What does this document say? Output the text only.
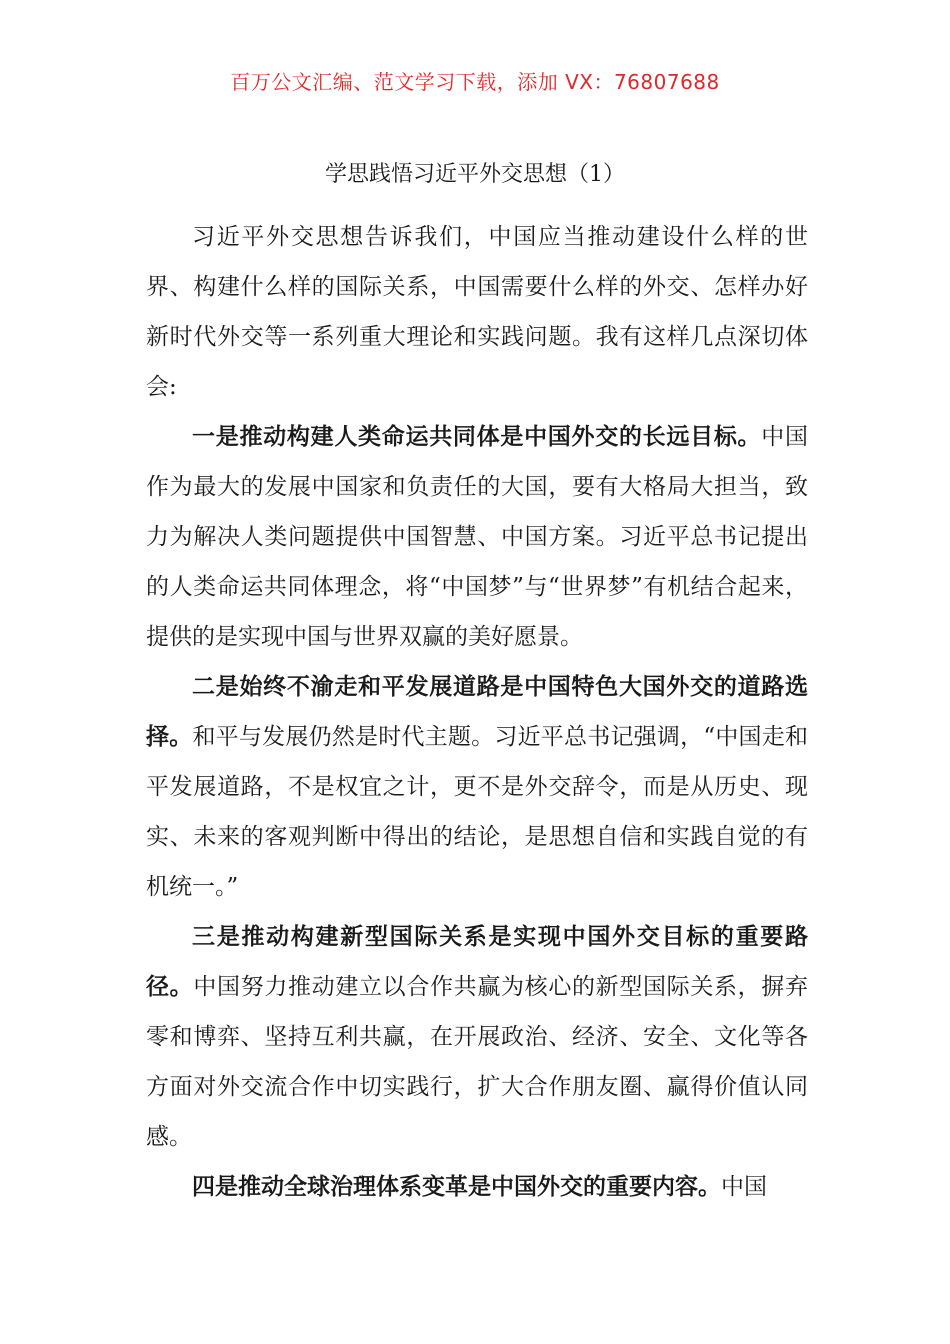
百万公文汇编、范文学习下载，添加 VX：76807688
学思践悟习近平外交思想（1）

习近平外交思想告诉我们，中国应当推动建设什么样的世界、构建什么样的国际关系，中国需要什么样的外交、怎样办好新时代外交等一系列重大理论和实践问题。我有这样几点深切体会:

一是推动构建人类命运共同体是中国外交的长远目标。中国作为最大的发展中国家和负责任的大国，要有大格局大担当，致力为解决人类问题提供中国智慧、中国方案。习近平总书记提出的人类命运共同体理念，将“中国梦”与“世界梦”有机结合起来，提供的是实现中国与世界双赢的美好愿景。

二是始终不渝走和平发展道路是中国特色大国外交的道路选择。和平与发展仍然是时代主题。习近平总书记强调，“中国走和平发展道路，不是权宜之计，更不是外交辞令，而是从历史、现实、未来的客观判断中得出的结论，是思想自信和实践自觉的有机统一。”

三是推动构建新型国际关系是实现中国外交目标的重要路径。中国努力推动建立以合作共赢为核心的新型国际关系，摒弃零和博弈、坚持互利共赢，在开展政治、经济、安全、文化等各方面对外交流合作中切实践行，扩大合作朋友圈、赢得价值认同感。

四是推动全球治理体系变革是中国外交的重要内容。中国
